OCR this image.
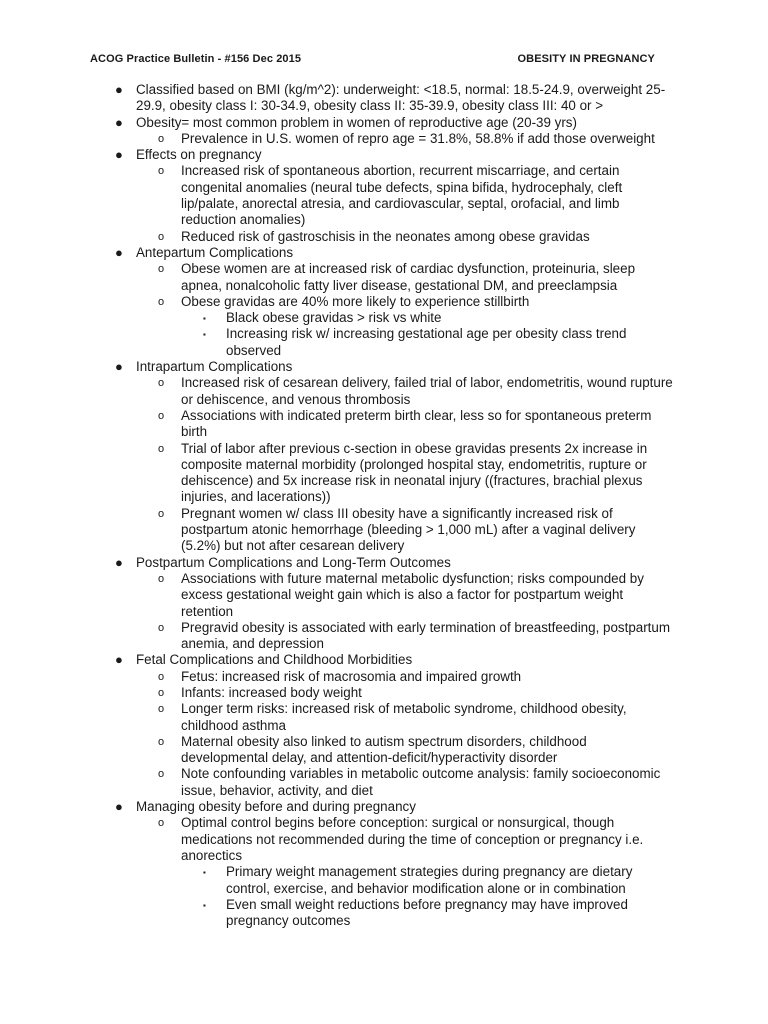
ACOG Practice Bulletin - #156 Dec 2015	OBESITY IN PREGNANCY
● Classified based on BMI (kg/m^2): underweight: <18.5, normal: 18.5-24.9, overweight 25-29.9, obesity class I: 30-34.9, obesity class II: 35-39.9, obesity class III: 40 or >
● Obesity= most common problem in women of reproductive age (20-39 yrs)
o Prevalence in U.S. women of repro age = 31.8%, 58.8% if add those overweight
● Effects on pregnancy
o Increased risk of spontaneous abortion, recurrent miscarriage, and certain congenital anomalies (neural tube defects, spina bifida, hydrocephaly, cleft lip/palate, anorectal atresia, and cardiovascular, septal, orofacial, and limb reduction anomalies)
o Reduced risk of gastroschisis in the neonates among obese gravidas
● Antepartum Complications
o Obese women are at increased risk of cardiac dysfunction, proteinuria, sleep apnea, nonalcoholic fatty liver disease, gestational DM, and preeclampsia
o Obese gravidas are 40% more likely to experience stillbirth
▪ Black obese gravidas > risk vs white
▪ Increasing risk w/ increasing gestational age per obesity class trend observed
● Intrapartum Complications
o Increased risk of cesarean delivery, failed trial of labor, endometritis, wound rupture or dehiscence, and venous thrombosis
o Associations with indicated preterm birth clear, less so for spontaneous preterm birth
o Trial of labor after previous c-section in obese gravidas presents 2x increase in composite maternal morbidity (prolonged hospital stay, endometritis, rupture or dehiscence) and 5x increase risk in neonatal injury ((fractures, brachial plexus injuries, and lacerations))
o Pregnant women w/ class III obesity have a significantly increased risk of postpartum atonic hemorrhage (bleeding > 1,000 mL) after a vaginal delivery (5.2%) but not after cesarean delivery
● Postpartum Complications and Long-Term Outcomes
o Associations with future maternal metabolic dysfunction; risks compounded by excess gestational weight gain which is also a factor for postpartum weight retention
o Pregravid obesity is associated with early termination of breastfeeding, postpartum anemia, and depression
● Fetal Complications and Childhood Morbidities
o Fetus: increased risk of macrosomia and impaired growth
o Infants: increased body weight
o Longer term risks: increased risk of metabolic syndrome, childhood obesity, childhood asthma
o Maternal obesity also linked to autism spectrum disorders, childhood developmental delay, and attention-deficit/hyperactivity disorder
o Note confounding variables in metabolic outcome analysis: family socioeconomic issue, behavior, activity, and diet
● Managing obesity before and during pregnancy
o Optimal control begins before conception: surgical or nonsurgical, though medications not recommended during the time of conception or pregnancy i.e. anorectics
▪ Primary weight management strategies during pregnancy are dietary control, exercise, and behavior modification alone or in combination
▪ Even small weight reductions before pregnancy may have improved pregnancy outcomes
